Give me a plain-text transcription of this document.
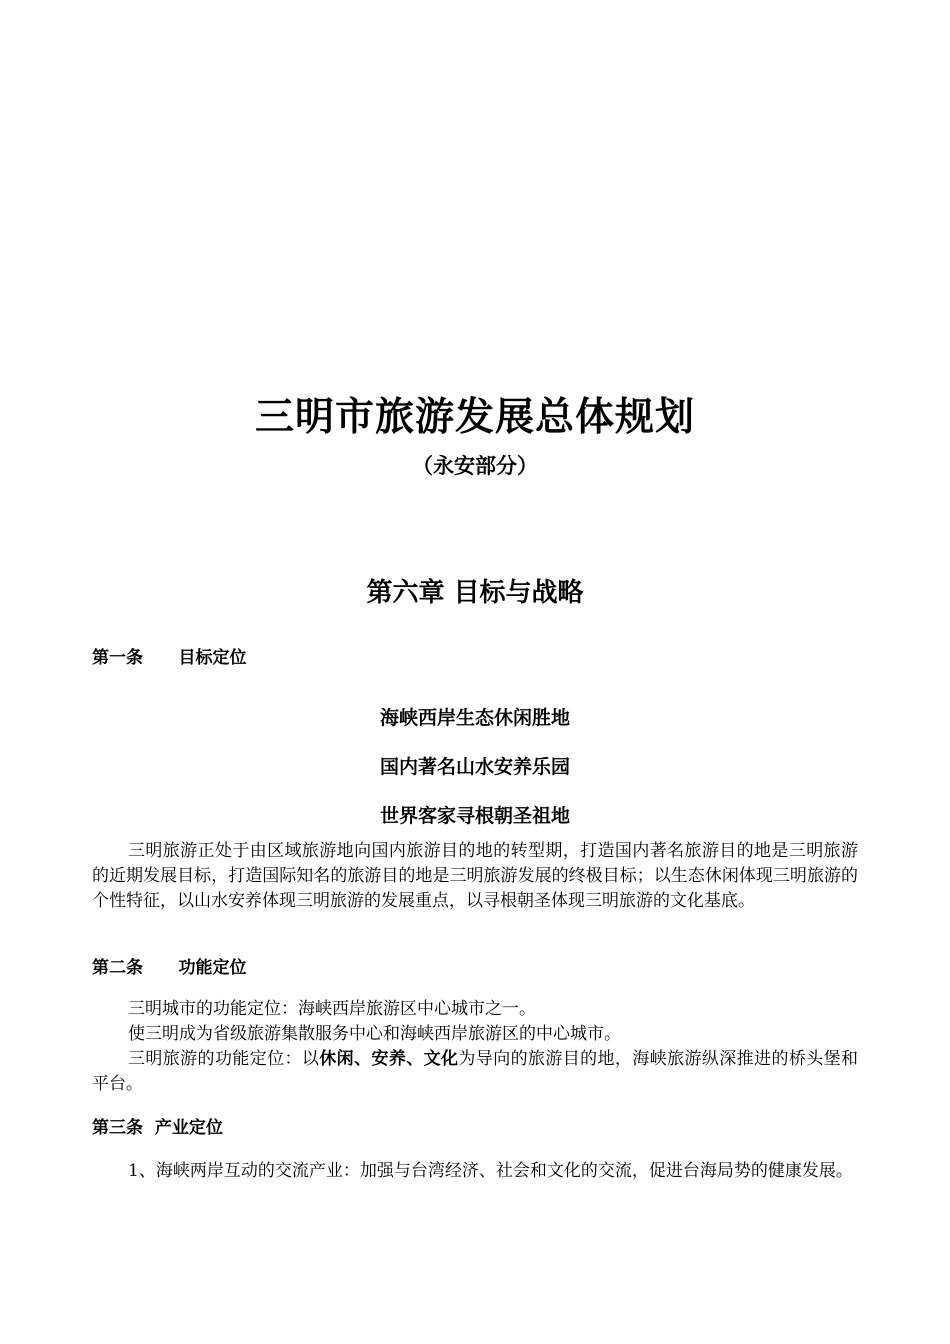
三明市旅游发展总体规划
（永安部分）
第六章 目标与战略
第一条      目标定位
海峡西岸生态休闲胜地
国内著名山水安养乐园
世界客家寻根朝圣祖地

三明旅游正处于由区域旅游地向国内旅游目的地的转型期，打造国内著名旅游目的地是三明旅游的近期发展目标，打造国际知名的旅游目的地是三明旅游发展的终极目标；以生态休闲体现三明旅游的个性特征，以山水安养体现三明旅游的发展重点，以寻根朝圣体现三明旅游的文化基底。

第二条      功能定位

三明城市的功能定位：海峡西岸旅游区中心城市之一。

使三明成为省级旅游集散服务中心和海峡西岸旅游区的中心城市。

三明旅游的功能定位：以休闲、安养、文化为导向的旅游目的地，海峡旅游纵深推进的桥头堡和平台。

第三条  产业定位

1、海峡两岸互动的交流产业：加强与台湾经济、社会和文化的交流，促进台海局势的健康发展。
